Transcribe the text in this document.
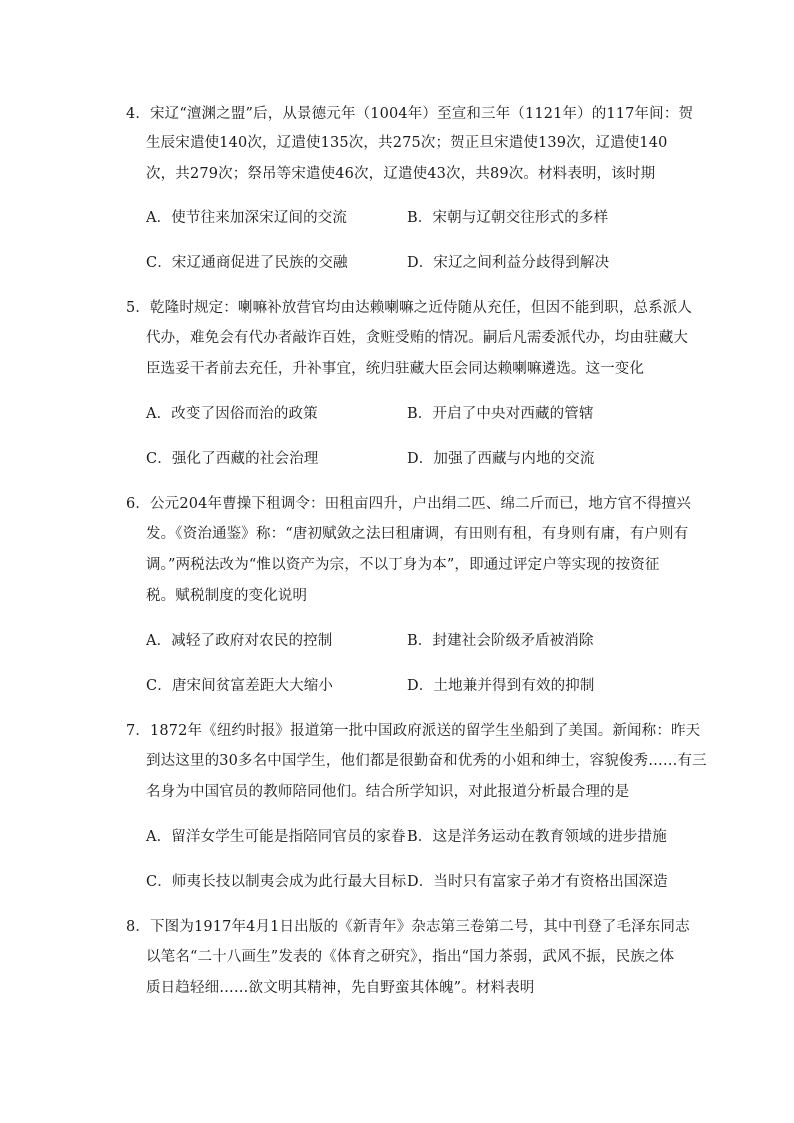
4．宋辽“澶渊之盟”后，从景德元年（1004年）至宣和三年（1121年）的117年间：贺
生辰宋遣使140次，辽遣使135次，共275次；贺正旦宋遣使139次，辽遣使140
次，共279次；祭吊等宋遣使46次，辽遣使43次，共89次。材料表明，该时期
A．使节往来加深宋辽间的交流	B．宋朝与辽朝交往形式的多样
C．宋辽通商促进了民族的交融	D．宋辽之间利益分歧得到解决
5．乾隆时规定：喇嘛补放营官均由达赖喇嘛之近侍随从充任，但因不能到职，总系派人
代办，难免会有代办者敲诈百姓，贪赃受贿的情况。嗣后凡需委派代办，均由驻藏大
臣选妥干者前去充任，升补事宜，统归驻藏大臣会同达赖喇嘛遴选。这一变化
A．改变了因俗而治的政策	B．开启了中央对西藏的管辖
C．强化了西藏的社会治理	D．加强了西藏与内地的交流
6．公元204年曹操下租调令：田租亩四升，户出绢二匹、绵二斤而已，地方官不得擅兴
发。《资治通鉴》称：“唐初赋敛之法曰租庸调，有田则有租，有身则有庸，有户则有
调。”两税法改为“惟以资产为宗，不以丁身为本”，即通过评定户等实现的按资征
税。赋税制度的变化说明
A．减轻了政府对农民的控制	B．封建社会阶级矛盾被消除
C．唐宋间贫富差距大大缩小	D．土地兼并得到有效的抑制
7．1872年《纽约时报》报道第一批中国政府派送的留学生坐船到了美国。新闻称：昨天
到达这里的30多名中国学生，他们都是很勤奋和优秀的小姐和绅士，容貌俊秀……有三
名身为中国官员的教师陪同他们。结合所学知识，对此报道分析最合理的是
A．留洋女学生可能是指陪同官员的家眷 B．这是洋务运动在教育领域的进步措施
C．师夷长技以制夷会成为此行最大目标 D．当时只有富家子弟才有资格出国深造
8．下图为1917年4月1日出版的《新青年》杂志第三卷第二号，其中刊登了毛泽东同志
以笔名“二十八画生”发表的《体育之研究》，指出“国力茶弱，武风不振，民族之体
质日趋轻细……欲文明其精神，先自野蛮其体魄”。材料表明
